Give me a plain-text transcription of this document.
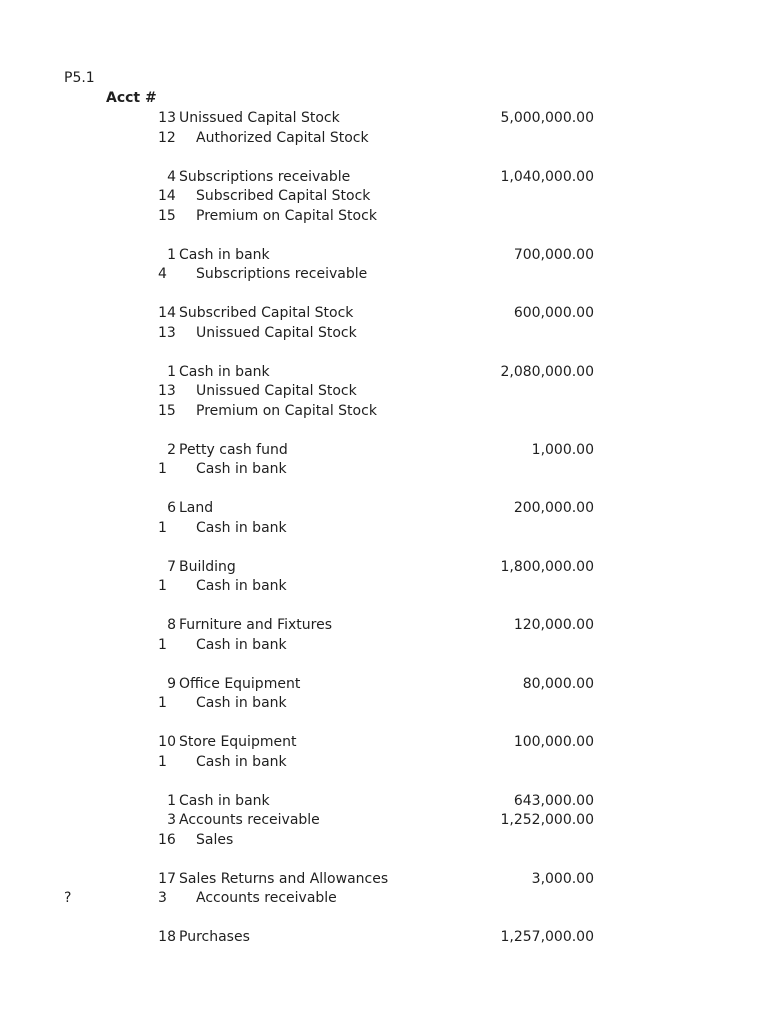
P5.1
Acct #
13 Unissued Capital Stock	5,000,000.00
12 Authorized Capital Stock
4 Subscriptions receivable	1,040,000.00
14 Subscribed Capital Stock
15 Premium on Capital Stock
1 Cash in bank	700,000.00
4 Subscriptions receivable
14 Subscribed Capital Stock	600,000.00
13 Unissued Capital Stock
1 Cash in bank	2,080,000.00
13 Unissued Capital Stock
15 Premium on Capital Stock
2 Petty cash fund	1,000.00
1 Cash in bank
6 Land	200,000.00
1 Cash in bank
7 Building	1,800,000.00
1 Cash in bank
8 Furniture and Fixtures	120,000.00
1 Cash in bank
9 Office Equipment	80,000.00
1 Cash in bank
10 Store Equipment	100,000.00
1 Cash in bank
1 Cash in bank	643,000.00
3 Accounts receivable	1,252,000.00
16 Sales
17 Sales Returns and Allowances	3,000.00
?	3 Accounts receivable
18 Purchases	1,257,000.00
